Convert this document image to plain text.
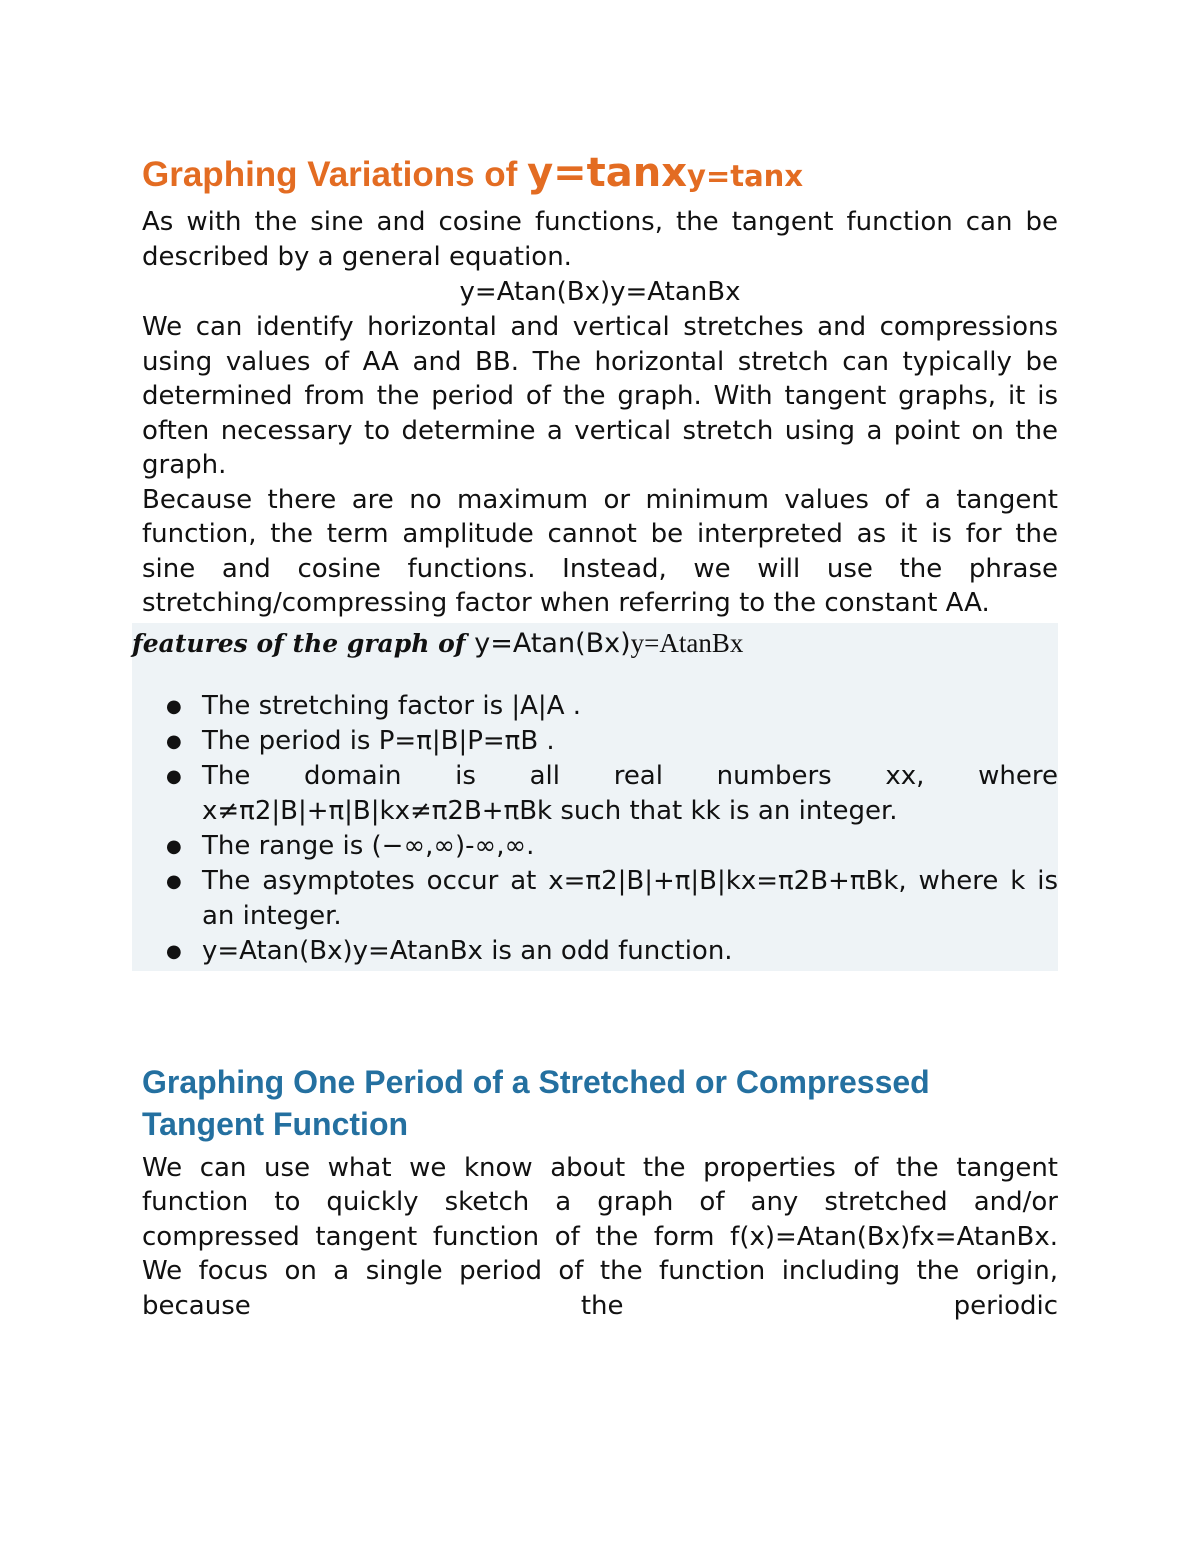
Graphing Variations of y=tanxy=tanx

As with the sine and cosine functions, the tangent function can be described by a general equation.

y=Atan(Bx)y=AtanBx

We can identify horizontal and vertical stretches and compressions using values of AA and BB. The horizontal stretch can typically be determined from the period of the graph. With tangent graphs, it is often necessary to determine a vertical stretch using a point on the graph.

Because there are no maximum or minimum values of a tangent function, the term amplitude cannot be interpreted as it is for the sine and cosine functions. Instead, we will use the phrase stretching/compressing factor when referring to the constant AA.

features of the graph of y=Atan(Bx)y=AtanBx
● The stretching factor is |A|A .
● The period is P=π|B|P=πB .
● The domain is all real numbers xx, where x≠π2|B|+π|B|kx≠π2B+πBk such that kk is an integer.
● The range is (−∞,∞)-∞,∞.
● The asymptotes occur at x=π2|B|+π|B|kx=π2B+πBk, where k is an integer.
● y=Atan(Bx)y=AtanBx is an odd function.
Graphing One Period of a Stretched or Compressed Tangent Function

We can use what we know about the properties of the tangent function to quickly sketch a graph of any stretched and/or compressed tangent function of the form f(x)=Atan(Bx)fx=AtanBx. We focus on a single period of the function including the origin, because the periodic
